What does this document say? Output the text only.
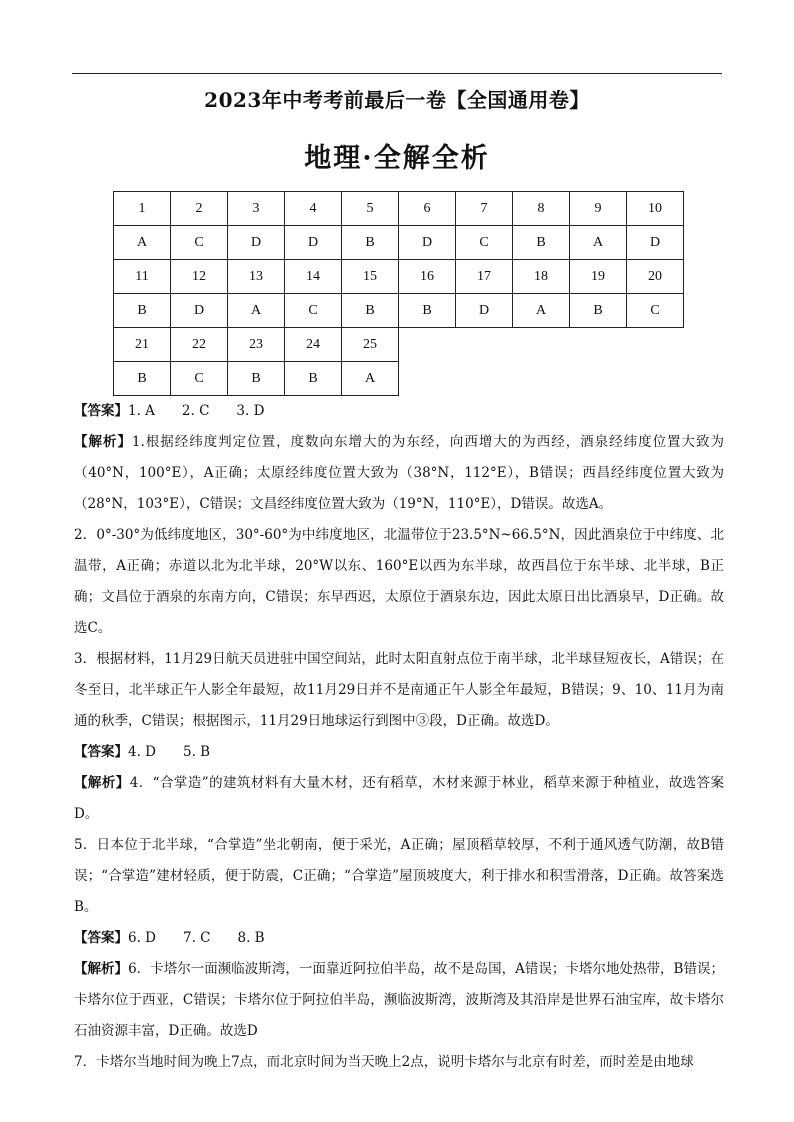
2023年中考考前最后一卷【全国通用卷】
地理·全解全析
1	2	3	4	5	6	7	8	9	10
A	C	D	D	B	D	C	B	A	D
11	12	13	14	15	16	17	18	19	20
B	D	A	C	B	B	D	A	B	C
21	22	23	24	25					
B	C	B	B	A					

【答案】1. A　　2. C　　3. D

【解析】1.根据经纬度判定位置，度数向东增大的为东经，向西增大的为西经，酒泉经纬度位置大致为（40°N，100°E），A正确；太原经纬度位置大致为（38°N，112°E），B错误；西昌经纬度位置大致为（28°N，103°E），C错误；文昌经纬度位置大致为（19°N，110°E），D错误。故选A。

2．0°-30°为低纬度地区，30°-60°为中纬度地区，北温带位于23.5°N~66.5°N，因此酒泉位于中纬度、北温带，A正确；赤道以北为北半球，20°W以东、160°E以西为东半球，故西昌位于东半球、北半球，B正确；文昌位于酒泉的东南方向，C错误；东早西迟，太原位于酒泉东边，因此太原日出比酒泉早，D正确。故选C。

3．根据材料，11月29日航天员进驻中国空间站，此时太阳直射点位于南半球，北半球昼短夜长，A错误；在冬至日，北半球正午人影全年最短，故11月29日并不是南通正午人影全年最短，B错误；9、10、11月为南通的秋季，C错误；根据图示，11月29日地球运行到图中③段，D正确。故选D。

【答案】4. D　　5. B

【解析】4．“合掌造”的建筑材料有大量木材，还有稻草，木材来源于林业，稻草来源于种植业，故选答案D。

5．日本位于北半球，“合掌造”坐北朝南，便于采光，A正确；屋顶稻草较厚，不利于通风透气防潮，故B错误；“合掌造”建材轻质，便于防震，C正确；“合掌造”屋顶坡度大，利于排水和积雪滑落，D正确。故答案选B。

【答案】6. D　　7. C　　8. B

【解析】6．卡塔尔一面濒临波斯湾，一面靠近阿拉伯半岛，故不是岛国，A错误；卡塔尔地处热带，B错误；卡塔尔位于西亚，C错误；卡塔尔位于阿拉伯半岛，濒临波斯湾，波斯湾及其沿岸是世界石油宝库，故卡塔尔石油资源丰富，D正确。故选D

7．卡塔尔当地时间为晚上7点，而北京时间为当天晚上2点，说明卡塔尔与北京有时差，而时差是由地球
